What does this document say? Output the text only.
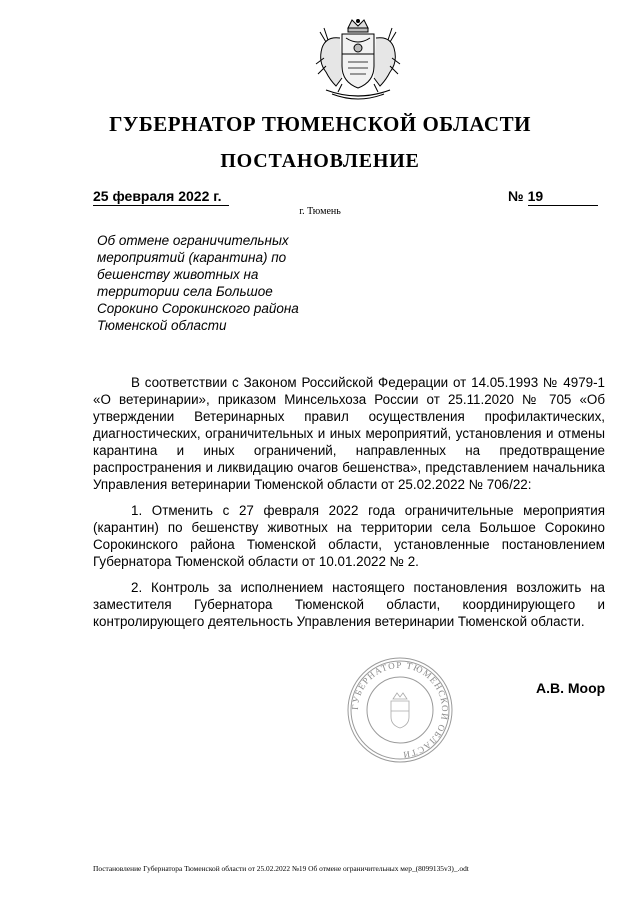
ГУБЕРНАТОР ТЮМЕНСКОЙ ОБЛАСТИ
ПОСТАНОВЛЕНИЕ
25 февраля 2022 г.	№ 19
г. Тюмень
Об отмене ограничительных
мероприятий (карантина) по
бешенству животных на
территории села Большое
Сорокино Сорокинского района
Тюменской области

В соответствии с Законом Российской Федерации от 14.05.1993 № 4979-1 «О ветеринарии», приказом Минсельхоза России от 25.11.2020 № 705 «Об утверждении Ветеринарных правил осуществления профилактических, диагностических, ограничительных и иных мероприятий, установления и отмены карантина и иных ограничений, направленных на предотвращение распространения и ликвидацию очагов бешенства», представлением начальника Управления ветеринарии Тюменской области от 25.02.2022 № 706/22:

1. Отменить с 27 февраля 2022 года ограничительные мероприятия (карантин) по бешенству животных на территории села Большое Сорокино Сорокинского района Тюменской области, установленные постановлением Губернатора Тюменской области от 10.01.2022 № 2.

2. Контроль за исполнением настоящего постановления возложить на заместителя Губернатора Тюменской области, координирующего и контролирующего деятельность Управления ветеринарии Тюменской области.

ГУБЕРНАТОР ТЮМЕНСКОЙ ОБЛАСТИ
А.В. Моор
Постановление Губернатора Тюменской области от 25.02.2022 №19 Об отмене ограничительных мер_(8099135v3)_.odt
